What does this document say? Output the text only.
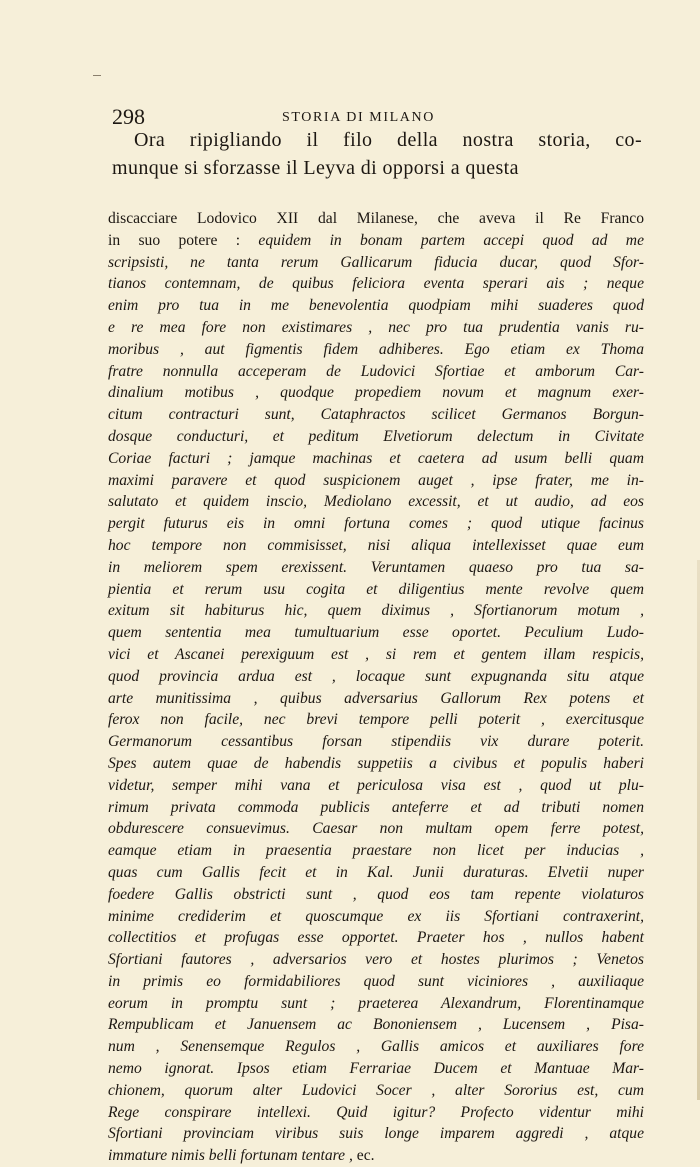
298	STORIA DI MILANO

Ora ripigliando il filo della nostra storia, co-

munque si sforzasse il Leyva di opporsi a questa

discacciare Lodovico XII dal Milanese, che aveva il Re Franco
in suo potere : equidem in bonam partem accepi quod ad me
scripsisti, ne tanta rerum Gallicarum fiducia ducar, quod Sfor-
tianos contemnam, de quibus feliciora eventa sperari ais ; neque
enim pro tua in me benevolentia quodpiam mihi suaderes quod
e re mea fore non existimares , nec pro tua prudentia vanis ru-
moribus , aut figmentis fidem adhiberes. Ego etiam ex Thoma
fratre nonnulla acceperam de Ludovici Sfortiae et amborum Car-
dinalium motibus , quodque propediem novum et magnum exer-
citum contracturi sunt, Cataphractos scilicet Germanos Borgun-
dosque conducturi, et peditum Elvetiorum delectum in Civitate
Coriae facturi ; jamque machinas et caetera ad usum belli quam
maximi paravere et quod suspicionem auget , ipse frater, me in-
salutato et quidem inscio, Mediolano excessit, et ut audio, ad eos
pergit futurus eis in omni fortuna comes ; quod utique facinus
hoc tempore non commisisset, nisi aliqua intellexisset quae eum
in meliorem spem erexissent. Veruntamen quaeso pro tua sa-
pientia et rerum usu cogita et diligentius mente revolve quem
exitum sit habiturus hic, quem diximus , Sfortianorum motum ,
quem sententia mea tumultuarium esse oportet. Peculium Ludo-
vici et Ascanei perexiguum est , si rem et gentem illam respicis,
quod provincia ardua est , locaque sunt expugnanda situ atque
arte munitissima , quibus adversarius Gallorum Rex potens et
ferox non facile, nec brevi tempore pelli poterit , exercitusque
Germanorum cessantibus forsan stipendiis vix durare poterit.
Spes autem quae de habendis suppetiis a civibus et populis haberi
videtur, semper mihi vana et periculosa visa est , quod ut plu-
rimum privata commoda publicis anteferre et ad tributi nomen
obdurescere consuevimus. Caesar non multam opem ferre potest,
eamque etiam in praesentia praestare non licet per inducias ,
quas cum Gallis fecit et in Kal. Junii duraturas. Elvetii nuper
foedere Gallis obstricti sunt , quod eos tam repente violaturos
minime crediderim et quoscumque ex iis Sfortiani contraxerint,
collectitios et profugas esse opportet. Praeter hos , nullos habent
Sfortiani fautores , adversarios vero et hostes plurimos ; Venetos
in primis eo formidabiliores quod sunt viciniores , auxiliaque
eorum in promptu sunt ; praeterea Alexandrum, Florentinamque
Rempublicam et Januensem ac Bononiensem , Lucensem , Pisa-
num , Senensemque Regulos , Gallis amicos et auxiliares fore
nemo ignorat. Ipsos etiam Ferrariae Ducem et Mantuae Mar-
chionem, quorum alter Ludovici Socer , alter Sororius est, cum
Rege conspirare intellexi. Quid igitur? Profecto videntur mihi
Sfortiani provinciam viribus suis longe imparem aggredi , atque
immature nimis belli fortunam tentare , ec.
